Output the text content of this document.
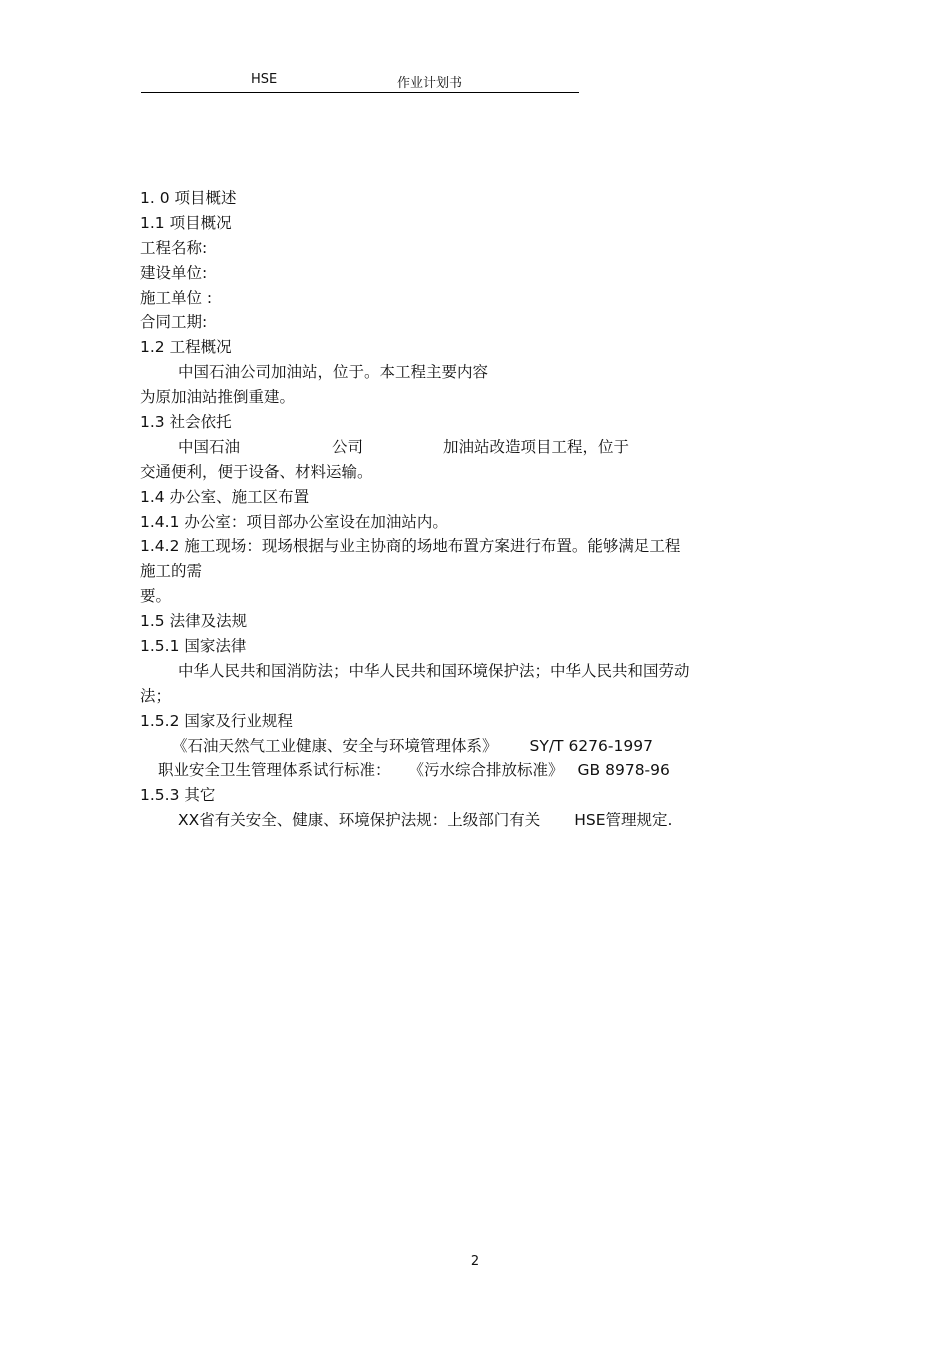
HSE	作业计划书
1. 0 项目概述
1.1 项目概况
工程名称:
建设单位:
施工单位 :
合同工期:
1.2 工程概况
中国石油公司加油站，位于。本工程主要内容
为原加油站推倒重建。
1.3 社会依托
中国石油	公司	加油站改造项目工程，位于
交通便利，便于设备、材料运输。
1.4 办公室、施工区布置
1.4.1 办公室：项目部办公室设在加油站内。
1.4.2 施工现场：现场根据与业主协商的场地布置方案进行布置。能够满足工程
施工的需
要。
1.5 法律及法规
1.5.1 国家法律
中华人民共和国消防法；中华人民共和国环境保护法；中华人民共和国劳动
法；
1.5.2 国家及行业规程
《石油天然气工业健康、安全与环境管理体系》 SY/T 6276-1997
职业安全卫生管理体系试行标准： 《污水综合排放标准》 GB 8978-96
1.5.3 其它
XX省有关安全、健康、环境保护法规：上级部门有关 HSE管理规定.
2
